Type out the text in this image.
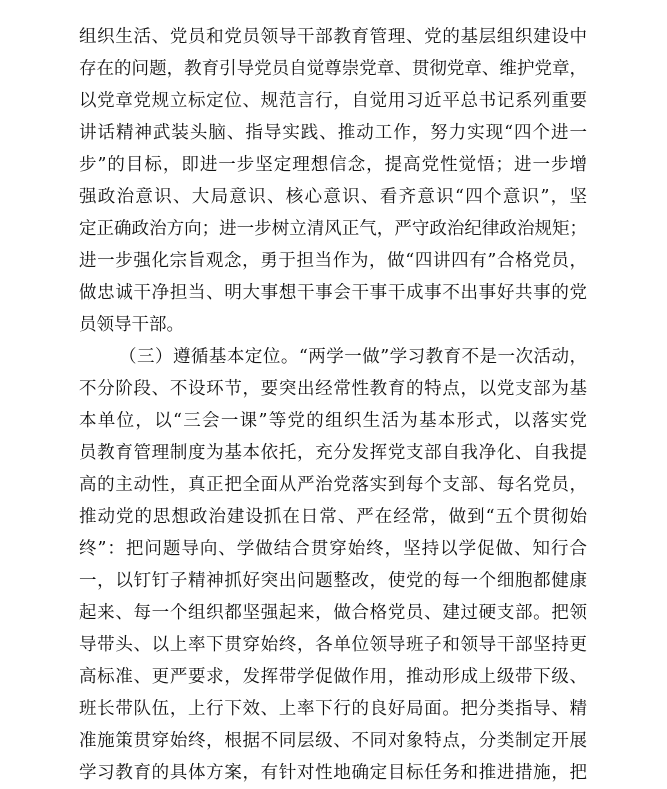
组织生活、党员和党员领导干部教育管理、党的基层组织建设中
存在的问题，教育引导党员自觉尊崇党章、贯彻党章、维护党章，
以党章党规立标定位、规范言行，自觉用习近平总书记系列重要
讲话精神武装头脑、指导实践、推动工作，努力实现“四个进一
步”的目标，即进一步坚定理想信念，提高党性觉悟；进一步增
强政治意识、大局意识、核心意识、看齐意识“四个意识”，坚
定正确政治方向；进一步树立清风正气，严守政治纪律政治规矩；
进一步强化宗旨观念，勇于担当作为，做“四讲四有”合格党员，
做忠诚干净担当、明大事想干事会干事干成事不出事好共事的党
员领导干部。
（三）遵循基本定位。“两学一做”学习教育不是一次活动，
不分阶段、不设环节，要突出经常性教育的特点，以党支部为基
本单位，以“三会一课”等党的组织生活为基本形式，以落实党
员教育管理制度为基本依托，充分发挥党支部自我净化、自我提
高的主动性，真正把全面从严治党落实到每个支部、每名党员，
推动党的思想政治建设抓在日常、严在经常，做到“五个贯彻始
终”：把问题导向、学做结合贯穿始终，坚持以学促做、知行合
一，以钉钉子精神抓好突出问题整改，使党的每一个细胞都健康
起来、每一个组织都坚强起来，做合格党员、建过硬支部。把领
导带头、以上率下贯穿始终，各单位领导班子和领导干部坚持更
高标准、更严要求，发挥带学促做作用，推动形成上级带下级、
班长带队伍，上行下效、上率下行的良好局面。把分类指导、精
准施策贯穿始终，根据不同层级、不同对象特点，分类制定开展
学习教育的具体方案，有针对性地确定目标任务和推进措施，把
